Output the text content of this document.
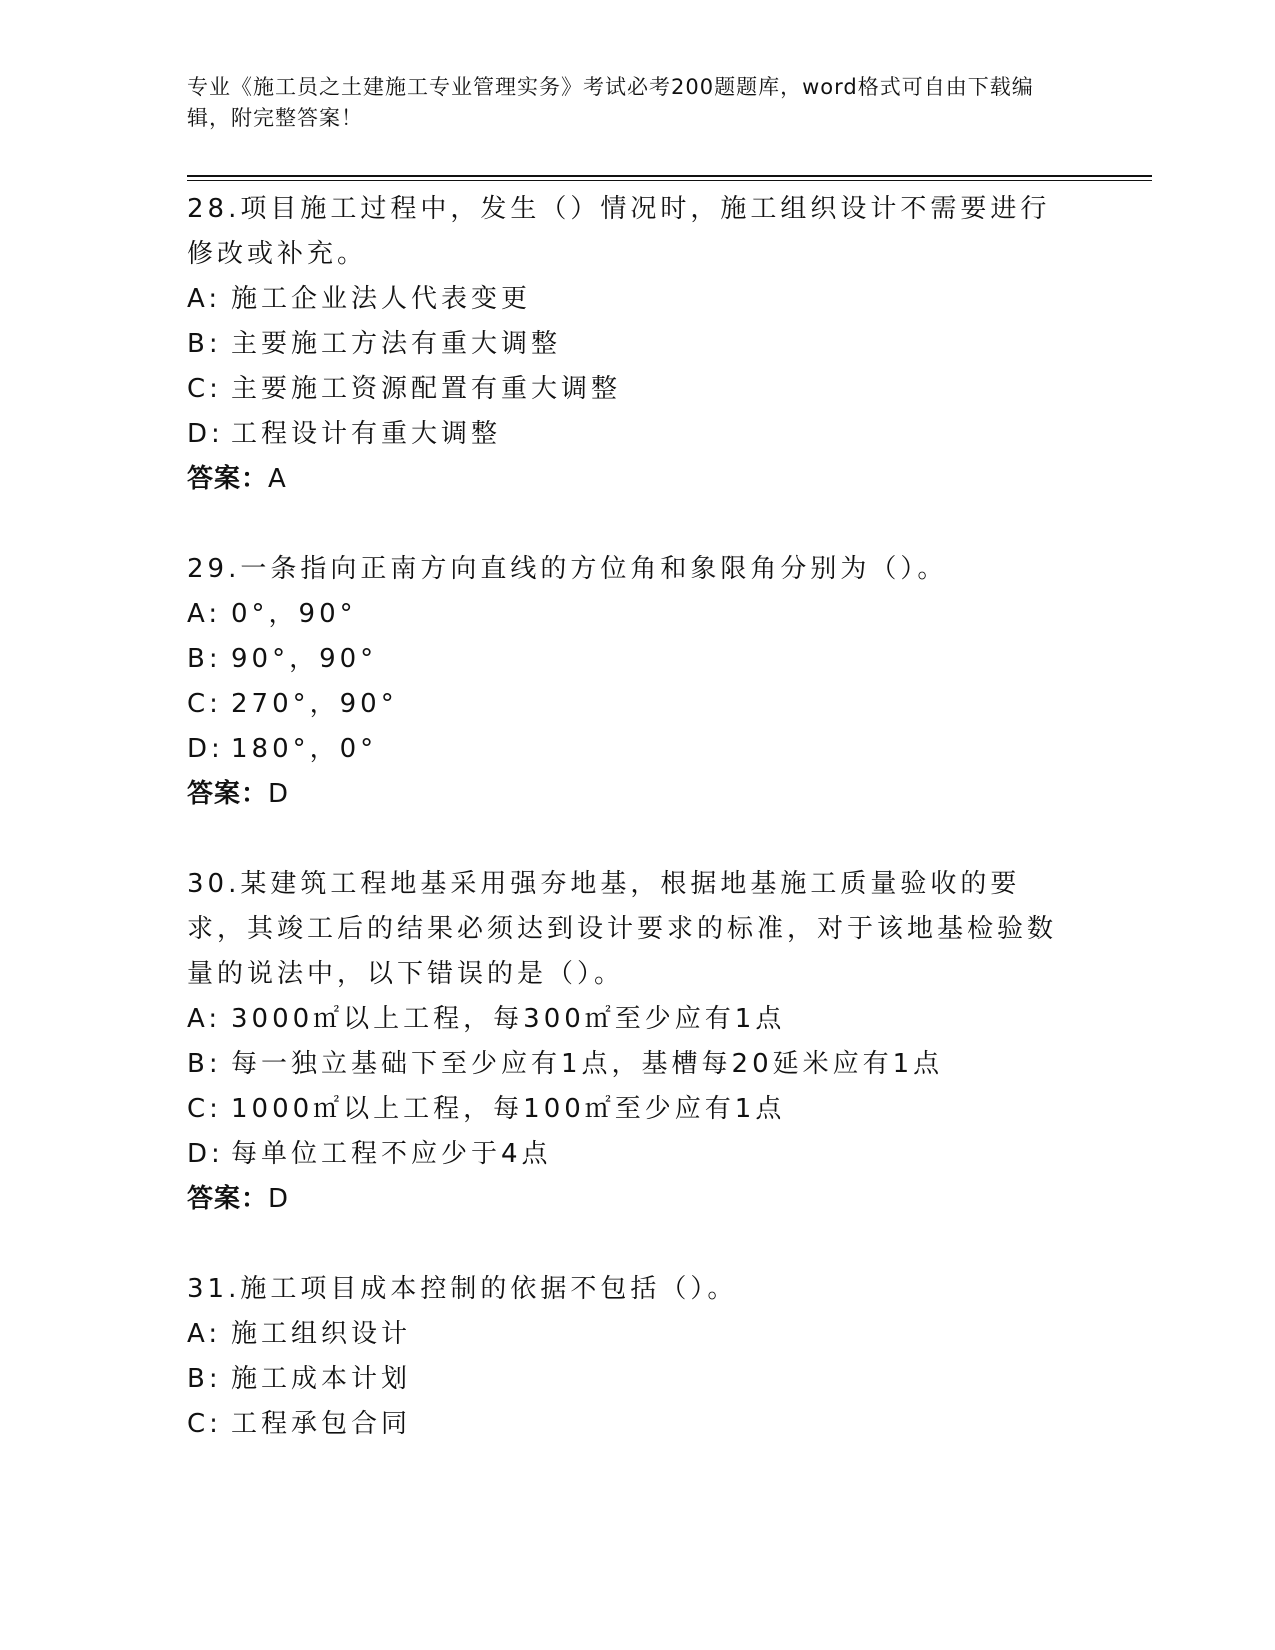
专业《施工员之土建施工专业管理实务》考试必考200题题库，word格式可自由下载编辑，附完整答案！
28.项目施工过程中，发生（）情况时，施工组织设计不需要进行修改或补充。
A: 施工企业法人代表变更
B: 主要施工方法有重大调整
C: 主要施工资源配置有重大调整
D: 工程设计有重大调整
答案：A
29.一条指向正南方向直线的方位角和象限角分别为（）。
A: 0°，90°
B: 90°，90°
C: 270°，90°
D: 180°，0°
答案：D
30.某建筑工程地基采用强夯地基，根据地基施工质量验收的要求，其竣工后的结果必须达到设计要求的标准，对于该地基检验数量的说法中，以下错误的是（）。
A: 3000㎡以上工程，每300㎡至少应有1点
B: 每一独立基础下至少应有1点，基槽每20延米应有1点
C: 1000㎡以上工程，每100㎡至少应有1点
D: 每单位工程不应少于4点
答案：D
31.施工项目成本控制的依据不包括（）。
A: 施工组织设计
B: 施工成本计划
C: 工程承包合同
